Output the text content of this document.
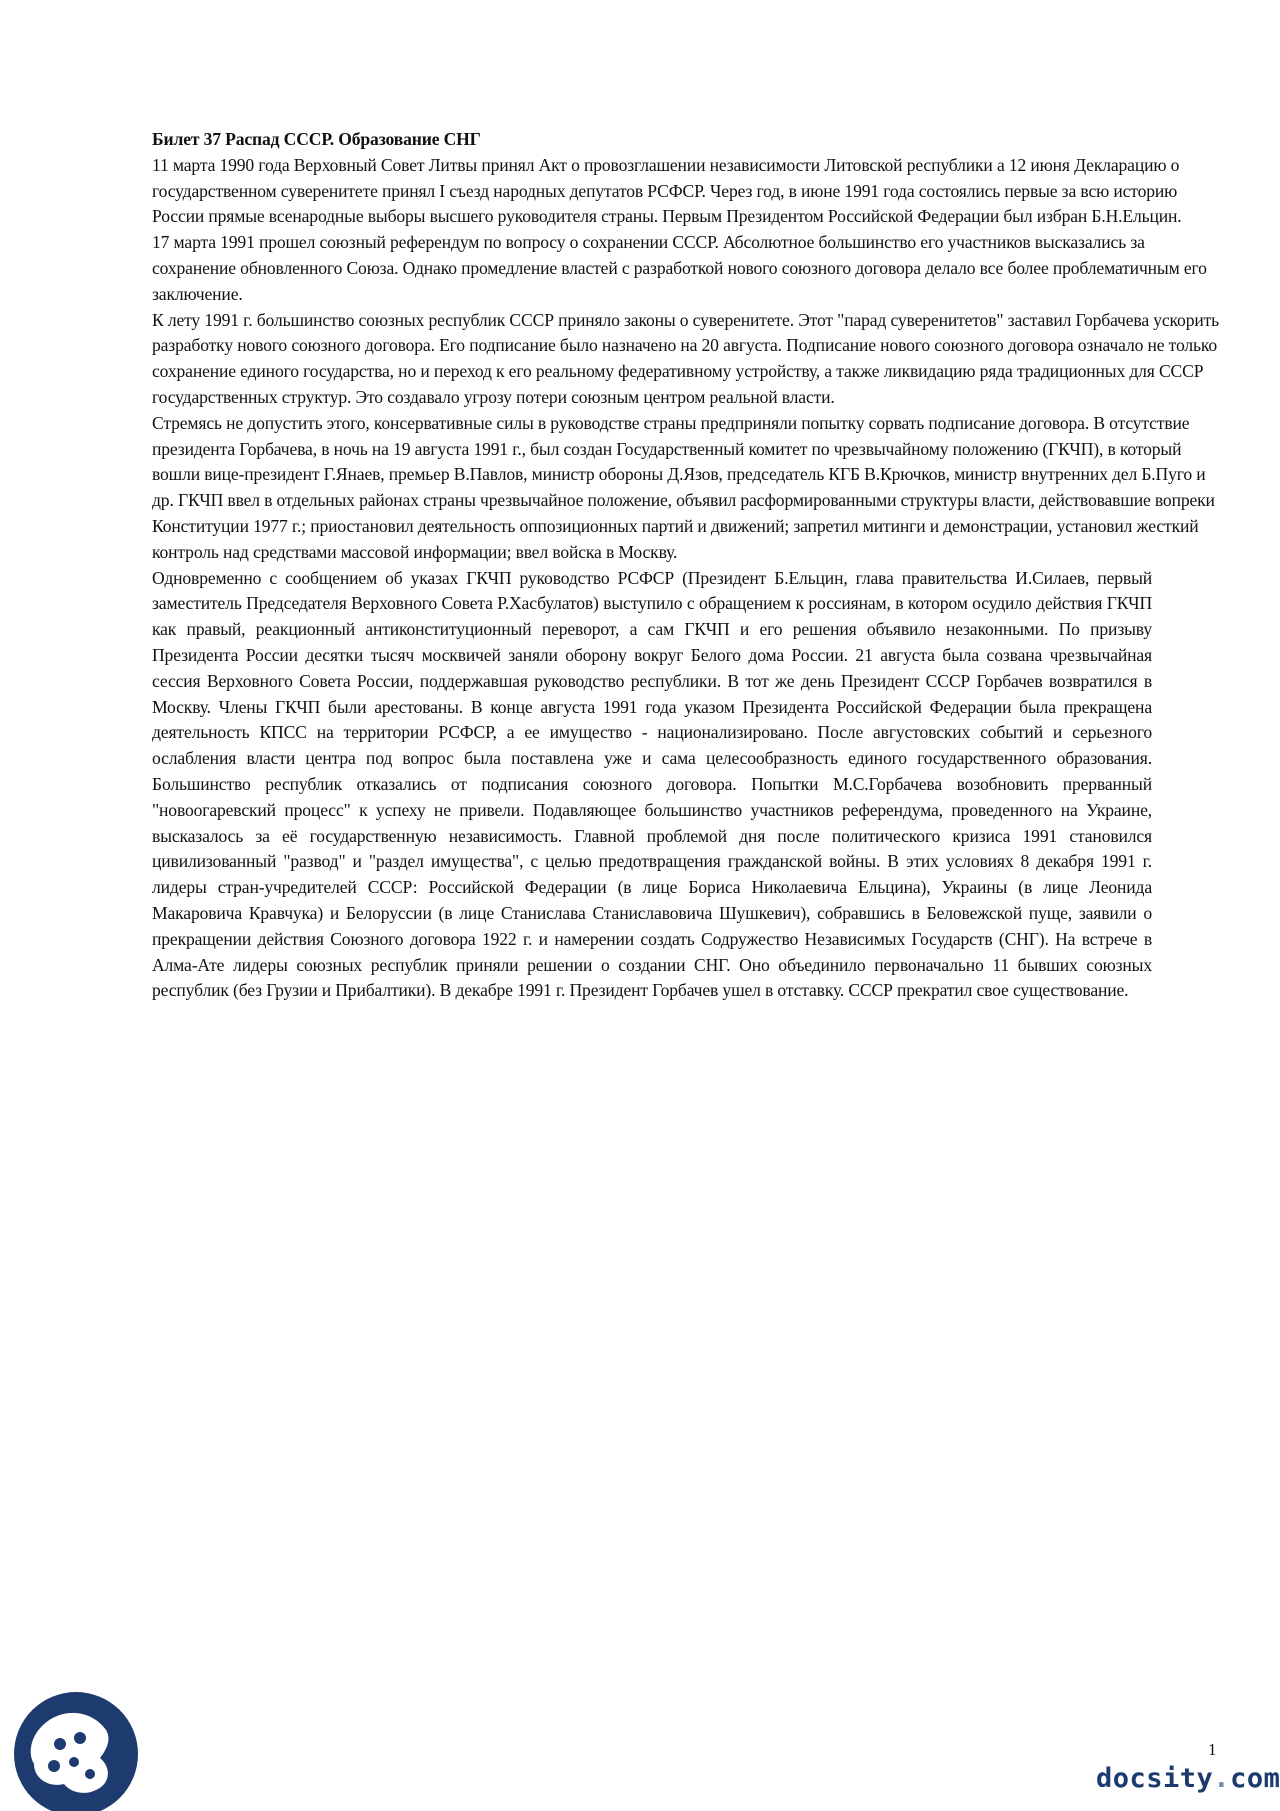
Билет 37 Распад СССР. Образование СНГ

11 марта 1990 года Верховный Совет Литвы принял Акт о провозглашении независимости Литовской республики а 12 июня Декларацию о государственном суверенитете принял I съезд народных депутатов РСФСР. Через год, в июне 1991 года состоялись первые за всю историю России прямые всенародные выборы высшего руководителя страны. Первым Президентом Российской Федерации был избран Б.Н.Ельцин.

17 марта 1991 прошел союзный референдум по вопросу о сохранении СССР. Абсолютное большинство его участников высказались за сохранение обновленного Союза. Однако промедление властей с разработкой нового союзного договора делало все более проблематичным его заключение.

К лету 1991 г. большинство союзных республик СССР приняло законы о суверенитете. Этот "парад суверенитетов" заставил Горбачева ускорить разработку нового союзного договора. Его подписание было назначено на 20 августа. Подписание нового союзного договора означало не только сохранение единого государства, но и переход к его реальному федеративному устройству, а также ликвидацию ряда традиционных для СССР государственных структур. Это создавало угрозу потери союзным центром реальной власти.

Стремясь не допустить этого, консервативные силы в руководстве страны предприняли попытку сорвать подписание договора. В отсутствие президента Горбачева, в ночь на 19 августа 1991 г., был создан Государственный комитет по чрезвычайному положению (ГКЧП), в который вошли вице-президент Г.Янаев, премьер В.Павлов, министр обороны Д.Язов, председатель КГБ В.Крючков, министр внутренних дел Б.Пуго и др. ГКЧП ввел в отдельных районах страны чрезвычайное положение, объявил расформированными структуры власти, действовавшие вопреки Конституции 1977 г.; приостановил деятельность оппозиционных партий и движений; запретил митинги и демонстрации, установил жесткий контроль над средствами массовой информации; ввел войска в Москву.

Одновременно с сообщением об указах ГКЧП руководство РСФСР (Президент Б.Ельцин, глава правительства И.Силаев, первый заместитель Председателя Верховного Совета Р.Хасбулатов) выступило с обращением к россиянам, в котором осудило действия ГКЧП как правый, реакционный антиконституционный переворот, а сам ГКЧП и его решения объявило незаконными. По призыву Президента России десятки тысяч москвичей заняли оборону вокруг Белого дома России. 21 августа была созвана чрезвычайная сессия Верховного Совета России, поддержавшая руководство республики. В тот же день Президент СССР Горбачев возвратился в Москву. Члены ГКЧП были арестованы. В конце августа 1991 года указом Президента Российской Федерации была прекращена деятельность КПСС на территории РСФСР, а ее имущество - национализировано. После августовских событий и серьезного ослабления власти центра под вопрос была поставлена уже и сама целесообразность единого государственного образования. Большинство республик отказались от подписания союзного договора. Попытки М.С.Горбачева возобновить прерванный "новоогаревский процесс" к успеху не привели. Подавляющее большинство участников референдума, проведенного на Украине, высказалось за её государственную независимость. Главной проблемой дня после политического кризиса 1991 становился цивилизованный "развод" и "раздел имущества", с целью предотвращения гражданской войны. В этих условиях 8 декабря 1991 г. лидеры стран-учредителей СССР: Российской Федерации (в лице Бориса Николаевича Ельцина), Украины (в лице Леонида Макаровича Кравчука) и Белоруссии (в лице Станислава Станиславовича Шушкевич), собравшись в Беловежской пуще, заявили о прекращении действия Союзного договора 1922 г. и намерении создать Содружество Независимых Государств (СНГ). На встрече в Алма-Ате лидеры союзных республик приняли решении о создании СНГ. Оно объединило первоначально 11 бывших союзных республик (без Грузии и Прибалтики). В декабре 1991 г. Президент Горбачев ушел в отставку. СССР прекратил свое существование.

1
docsity.com
